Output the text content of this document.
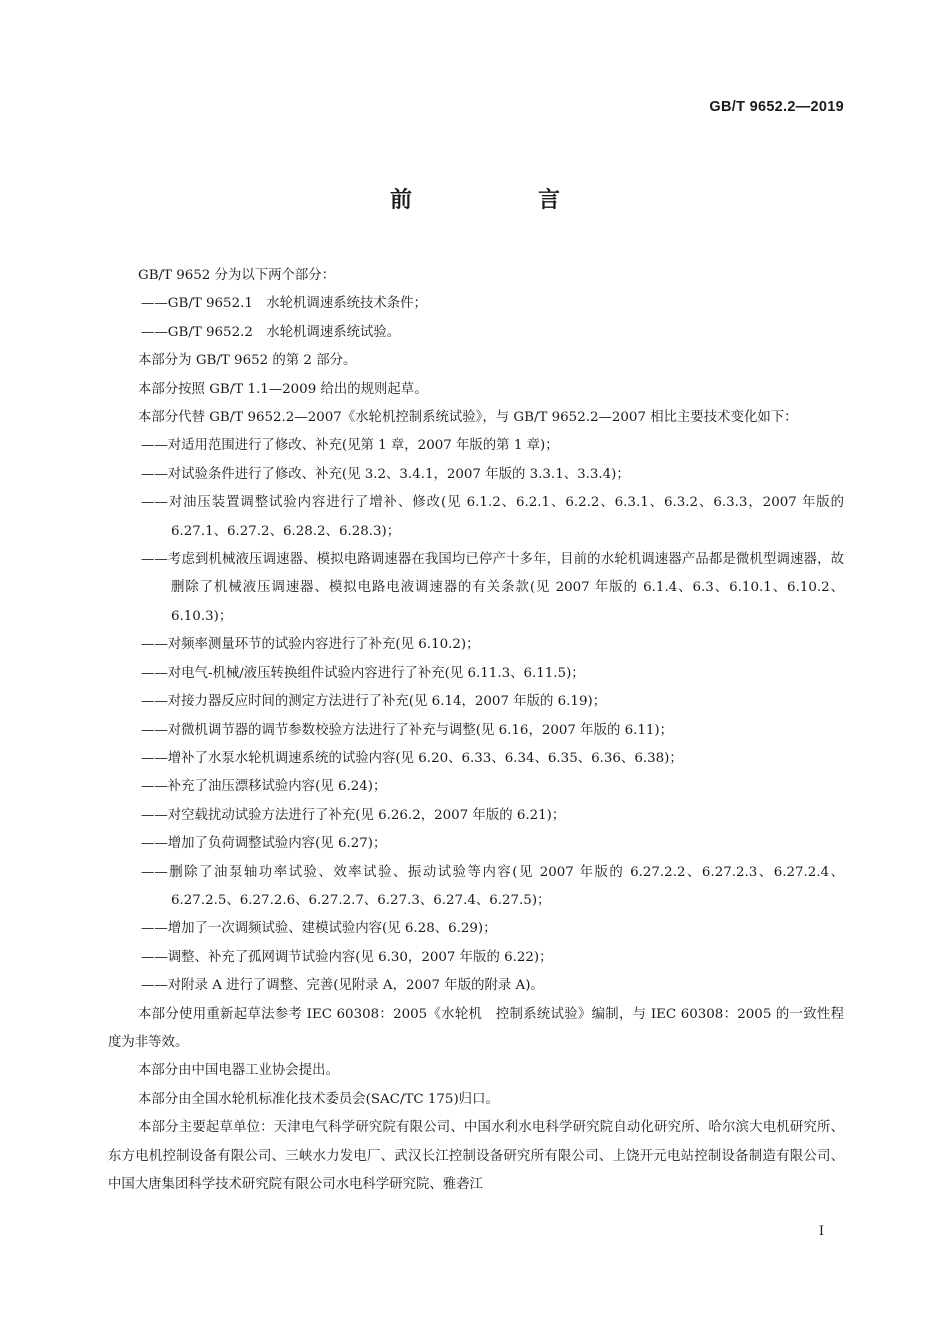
GB/T 9652.2—2019
前　言

GB/T 9652 分为以下两个部分：

——GB/T 9652.1　水轮机调速系统技术条件；

——GB/T 9652.2　水轮机调速系统试验。

本部分为 GB/T 9652 的第 2 部分。

本部分按照 GB/T 1.1—2009 给出的规则起草。

本部分代替 GB/T 9652.2—2007《水轮机控制系统试验》，与 GB/T 9652.2—2007 相比主要技术变化如下：

——对适用范围进行了修改、补充(见第 1 章，2007 年版的第 1 章)；

——对试验条件进行了修改、补充(见 3.2、3.4.1，2007 年版的 3.3.1、3.3.4)；

——对油压装置调整试验内容进行了增补、修改(见 6.1.2、6.2.1、6.2.2、6.3.1、6.3.2、6.3.3，2007 年版的 6.27.1、6.27.2、6.28.2、6.28.3)；

——考虑到机械液压调速器、模拟电路调速器在我国均已停产十多年，目前的水轮机调速器产品都是微机型调速器，故删除了机械液压调速器、模拟电路电液调速器的有关条款(见 2007 年版的 6.1.4、6.3、6.10.1、6.10.2、6.10.3)；

——对频率测量环节的试验内容进行了补充(见 6.10.2)；

——对电气-机械/液压转换组件试验内容进行了补充(见 6.11.3、6.11.5)；

——对接力器反应时间的测定方法进行了补充(见 6.14，2007 年版的 6.19)；

——对微机调节器的调节参数校验方法进行了补充与调整(见 6.16，2007 年版的 6.11)；

——增补了水泵水轮机调速系统的试验内容(见 6.20、6.33、6.34、6.35、6.36、6.38)；

——补充了油压漂移试验内容(见 6.24)；

——对空载扰动试验方法进行了补充(见 6.26.2，2007 年版的 6.21)；

——增加了负荷调整试验内容(见 6.27)；

——删除了油泵轴功率试验、效率试验、振动试验等内容(见 2007 年版的 6.27.2.2、6.27.2.3、6.27.2.4、6.27.2.5、6.27.2.6、6.27.2.7、6.27.3、6.27.4、6.27.5)；

——增加了一次调频试验、建模试验内容(见 6.28、6.29)；

——调整、补充了孤网调节试验内容(见 6.30，2007 年版的 6.22)；

——对附录 A 进行了调整、完善(见附录 A，2007 年版的附录 A)。

本部分使用重新起草法参考 IEC 60308：2005《水轮机　控制系统试验》编制，与 IEC 60308：2005 的一致性程度为非等效。

本部分由中国电器工业协会提出。

本部分由全国水轮机标准化技术委员会(SAC/TC 175)归口。

本部分主要起草单位：天津电气科学研究院有限公司、中国水利水电科学研究院自动化研究所、哈尔滨大电机研究所、东方电机控制设备有限公司、三峡水力发电厂、武汉长江控制设备研究所有限公司、上饶开元电站控制设备制造有限公司、中国大唐集团科学技术研究院有限公司水电科学研究院、雅砻江

I
